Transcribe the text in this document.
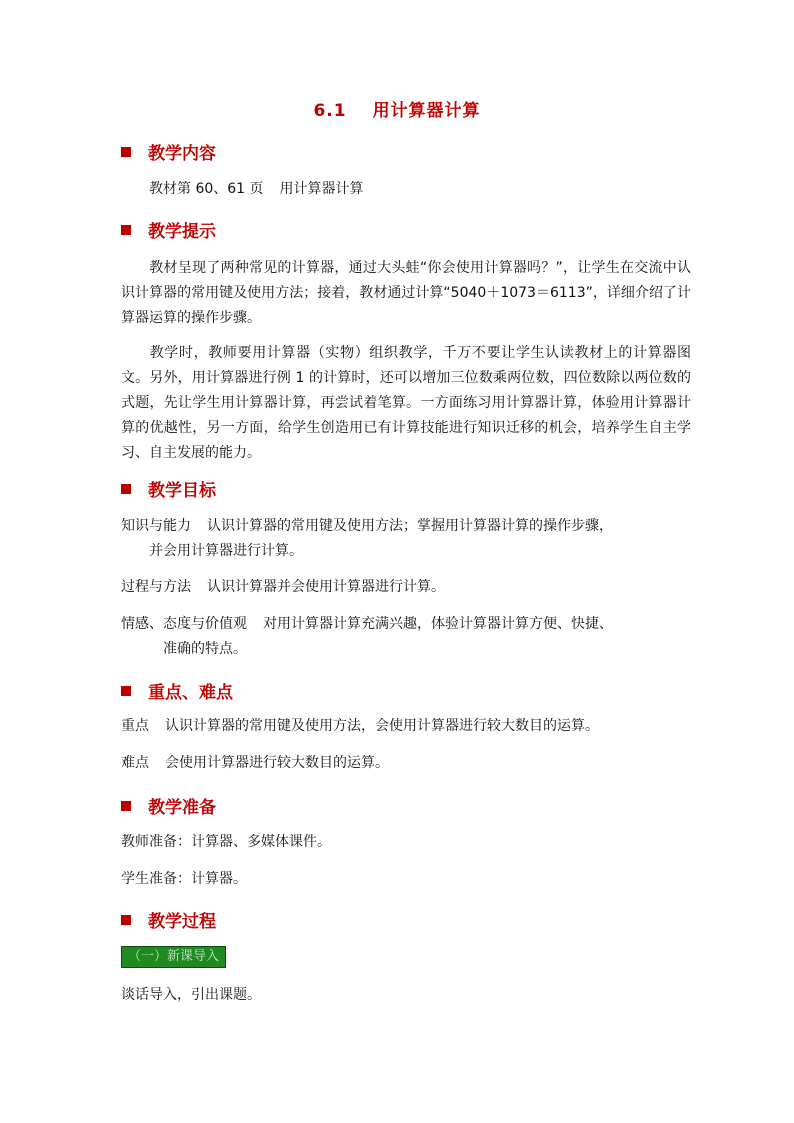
6.1 用计算器计算
教学内容
教材第 60、61 页 用计算器计算
教学提示
教材呈现了两种常见的计算器，通过大头蛙“你会使用计算器吗？”，让学生在交流中认识计算器的常用键及使用方法；接着，教材通过计算“5040＋1073＝6113”，详细介绍了计算器运算的操作步骤。
教学时，教师要用计算器（实物）组织教学，千万不要让学生认读教材上的计算器图文。另外，用计算器进行例 1 的计算时，还可以增加三位数乘两位数，四位数除以两位数的式题，先让学生用计算器计算，再尝试着笔算。一方面练习用计算器计算，体验用计算器计算的优越性，另一方面，给学生创造用已有计算技能进行知识迁移的机会，培养学生自主学习、自主发展的能力。
教学目标
知识与能力 认识计算器的常用键及使用方法；掌握用计算器计算的操作步骤，
并会用计算器进行计算。
过程与方法 认识计算器并会使用计算器进行计算。
情感、态度与价值观 对用计算器计算充满兴趣，体验计算器计算方便、快捷、
准确的特点。
重点、难点
重点 认识计算器的常用键及使用方法，会使用计算器进行较大数目的运算。
难点 会使用计算器进行较大数目的运算。
教学准备
教师准备：计算器、多媒体课件。
学生准备：计算器。
教学过程
（一）新课导入
谈话导入，引出课题。
